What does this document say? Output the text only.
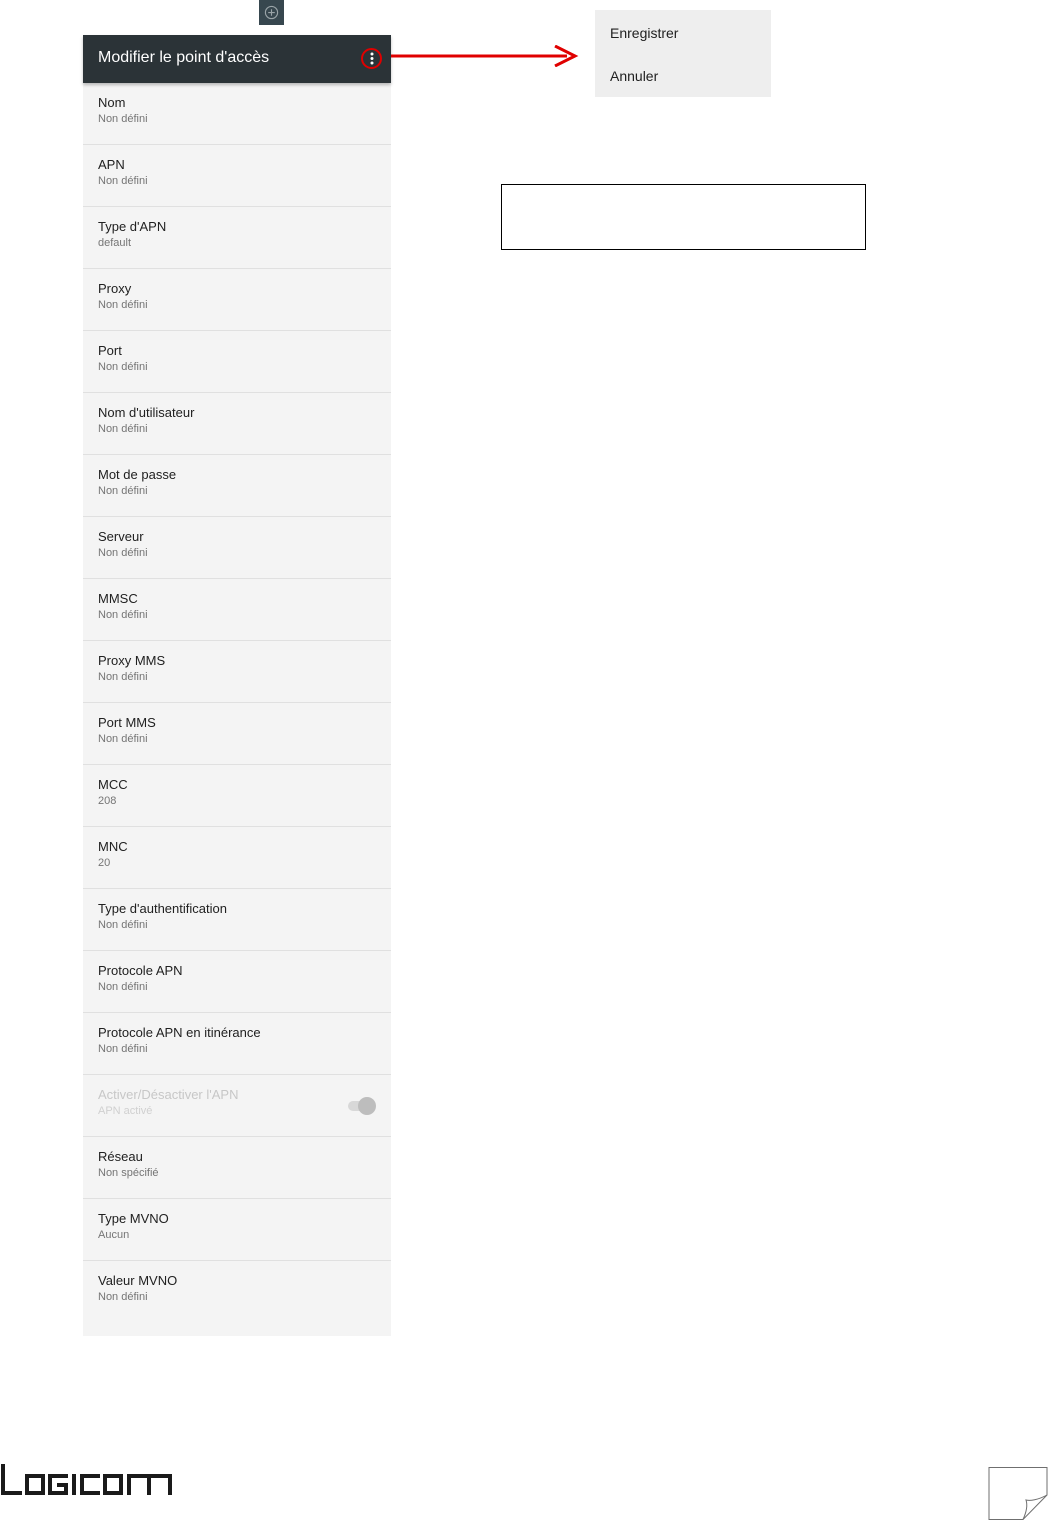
Modifier le point d'accès
Nom
Non défini
APN
Non défini
Type d'APN
default
Proxy
Non défini
Port
Non défini
Nom d'utilisateur
Non défini
Mot de passe
Non défini
Serveur
Non défini
MMSC
Non défini
Proxy MMS
Non défini
Port MMS
Non défini
MCC
208
MNC
20
Type d'authentification
Non défini
Protocole APN
Non défini
Protocole APN en itinérance
Non défini
Activer/Désactiver l'APN
APN activé
Réseau
Non spécifié
Type MVNO
Aucun
Valeur MVNO
Non défini
Enregistrer
Annuler
